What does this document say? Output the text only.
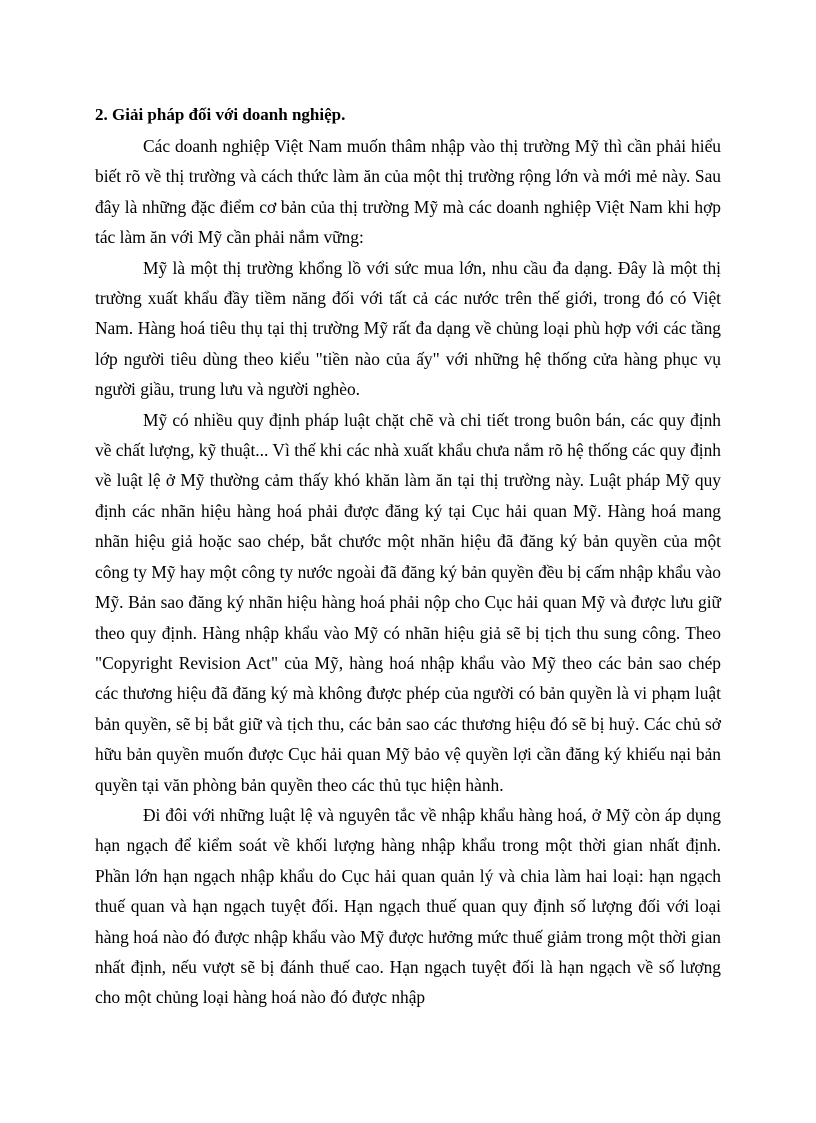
2. Giải pháp đối với doanh nghiệp.

Các doanh nghiệp Việt Nam muốn thâm nhập vào thị trường Mỹ thì cần phải hiểu biết rõ về thị trường và cách thức làm ăn của một thị trường rộng lớn và mới mẻ này. Sau đây là những đặc điểm cơ bản của thị trường Mỹ mà các doanh nghiệp Việt Nam khi hợp tác làm ăn với Mỹ cần phải nắm vững:

Mỹ là một thị trường khổng lồ với sức mua lớn, nhu cầu đa dạng. Đây là một thị trường xuất khẩu đầy tiềm năng đối với tất cả các nước trên thế giới, trong đó có Việt Nam. Hàng hoá tiêu thụ tại thị trường Mỹ rất đa dạng về chủng loại phù hợp với các tầng lớp người tiêu dùng theo kiểu "tiền nào của ấy" với những hệ thống cửa hàng phục vụ người giầu, trung lưu và người nghèo.

Mỹ có nhiều quy định pháp luật chặt chẽ và chi tiết trong buôn bán, các quy định về chất lượng, kỹ thuật... Vì thế khi các nhà xuất khẩu chưa nắm rõ hệ thống các quy định về luật lệ ở Mỹ thường cảm thấy khó khăn làm ăn tại thị trường này. Luật pháp Mỹ quy định các nhãn hiệu hàng hoá phải được đăng ký tại Cục hải quan Mỹ. Hàng hoá mang nhãn hiệu giả hoặc sao chép, bắt chước một nhãn hiệu đã đăng ký bản quyền của một công ty Mỹ hay một công ty nước ngoài đã đăng ký bản quyền đều bị cấm nhập khẩu vào Mỹ. Bản sao đăng ký nhãn hiệu hàng hoá phải nộp cho Cục hải quan Mỹ và được lưu giữ theo quy định. Hàng nhập khẩu vào Mỹ có nhãn hiệu giả sẽ bị tịch thu sung công. Theo "Copyright Revision Act" của Mỹ, hàng hoá nhập khẩu vào Mỹ theo các bản sao chép các thương hiệu đã đăng ký mà không được phép của người có bản quyền là vi phạm luật bản quyền, sẽ bị bắt giữ và tịch thu, các bản sao các thương hiệu đó sẽ bị huỷ. Các chủ sở hữu bản quyền muốn được Cục hải quan Mỹ bảo vệ quyền lợi cần đăng ký khiếu nại bản quyền tại văn phòng bản quyền theo các thủ tục hiện hành.

Đi đôi với những luật lệ và nguyên tắc về nhập khẩu hàng hoá, ở Mỹ còn áp dụng hạn ngạch để kiểm soát về khối lượng hàng nhập khẩu trong một thời gian nhất định. Phần lớn hạn ngạch nhập khẩu do Cục hải quan quản lý và chia làm hai loại: hạn ngạch thuế quan và hạn ngạch tuyệt đối. Hạn ngạch thuế quan quy định số lượng đối với loại hàng hoá nào đó được nhập khẩu vào Mỹ được hưởng mức thuế giảm trong một thời gian nhất định, nếu vượt sẽ bị đánh thuế cao. Hạn ngạch tuyệt đối là hạn ngạch về số lượng cho một chủng loại hàng hoá nào đó được nhập
